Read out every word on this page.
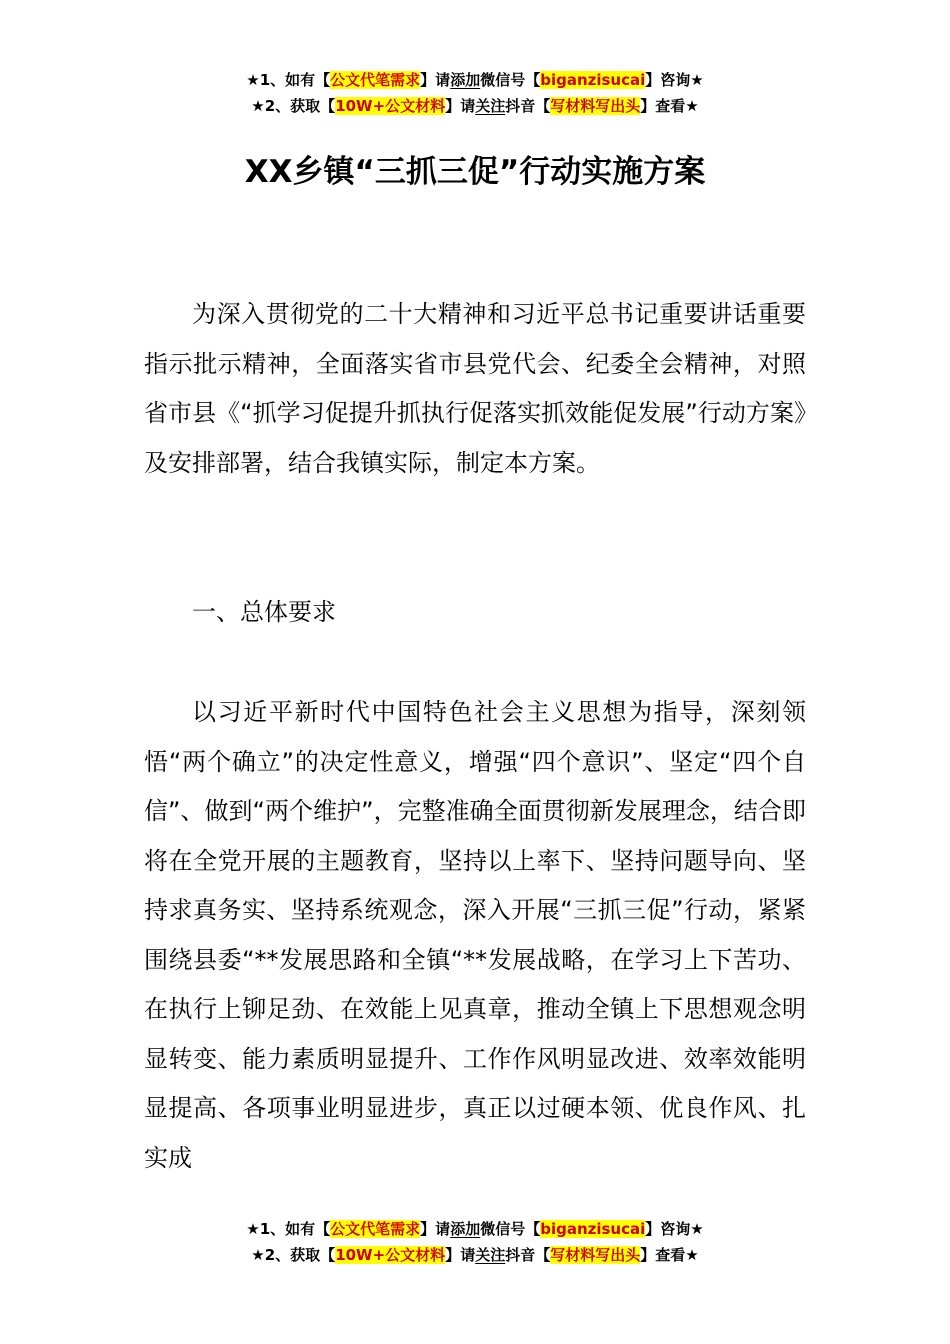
★1、如有【公文代笔需求】请添加微信号【biganzisucai】咨询★
★2、获取【10W+公文材料】请关注抖音【写材料写出头】查看★
XX乡镇“三抓三促”行动实施方案

为深入贯彻党的二十大精神和习近平总书记重要讲话重要指示批示精神，全面落实省市县党代会、纪委全会精神，对照省市县《“抓学习促提升抓执行促落实抓效能促发展”行动方案》及安排部署，结合我镇实际，制定本方案。

一、总体要求

以习近平新时代中国特色社会主义思想为指导，深刻领悟“两个确立”的决定性意义，增强“四个意识”、坚定“四个自信”、做到“两个维护”，完整准确全面贯彻新发展理念，结合即将在全党开展的主题教育，坚持以上率下、坚持问题导向、坚持求真务实、坚持系统观念，深入开展“三抓三促”行动，紧紧围绕县委“**发展思路和全镇“**发展战略，在学习上下苦功、在执行上铆足劲、在效能上见真章，推动全镇上下思想观念明显转变、能力素质明显提升、工作作风明显改进、效率效能明显提高、各项事业明显进步，真正以过硬本领、优良作风、扎实成

★1、如有【公文代笔需求】请添加微信号【biganzisucai】咨询★
★2、获取【10W+公文材料】请关注抖音【写材料写出头】查看★
